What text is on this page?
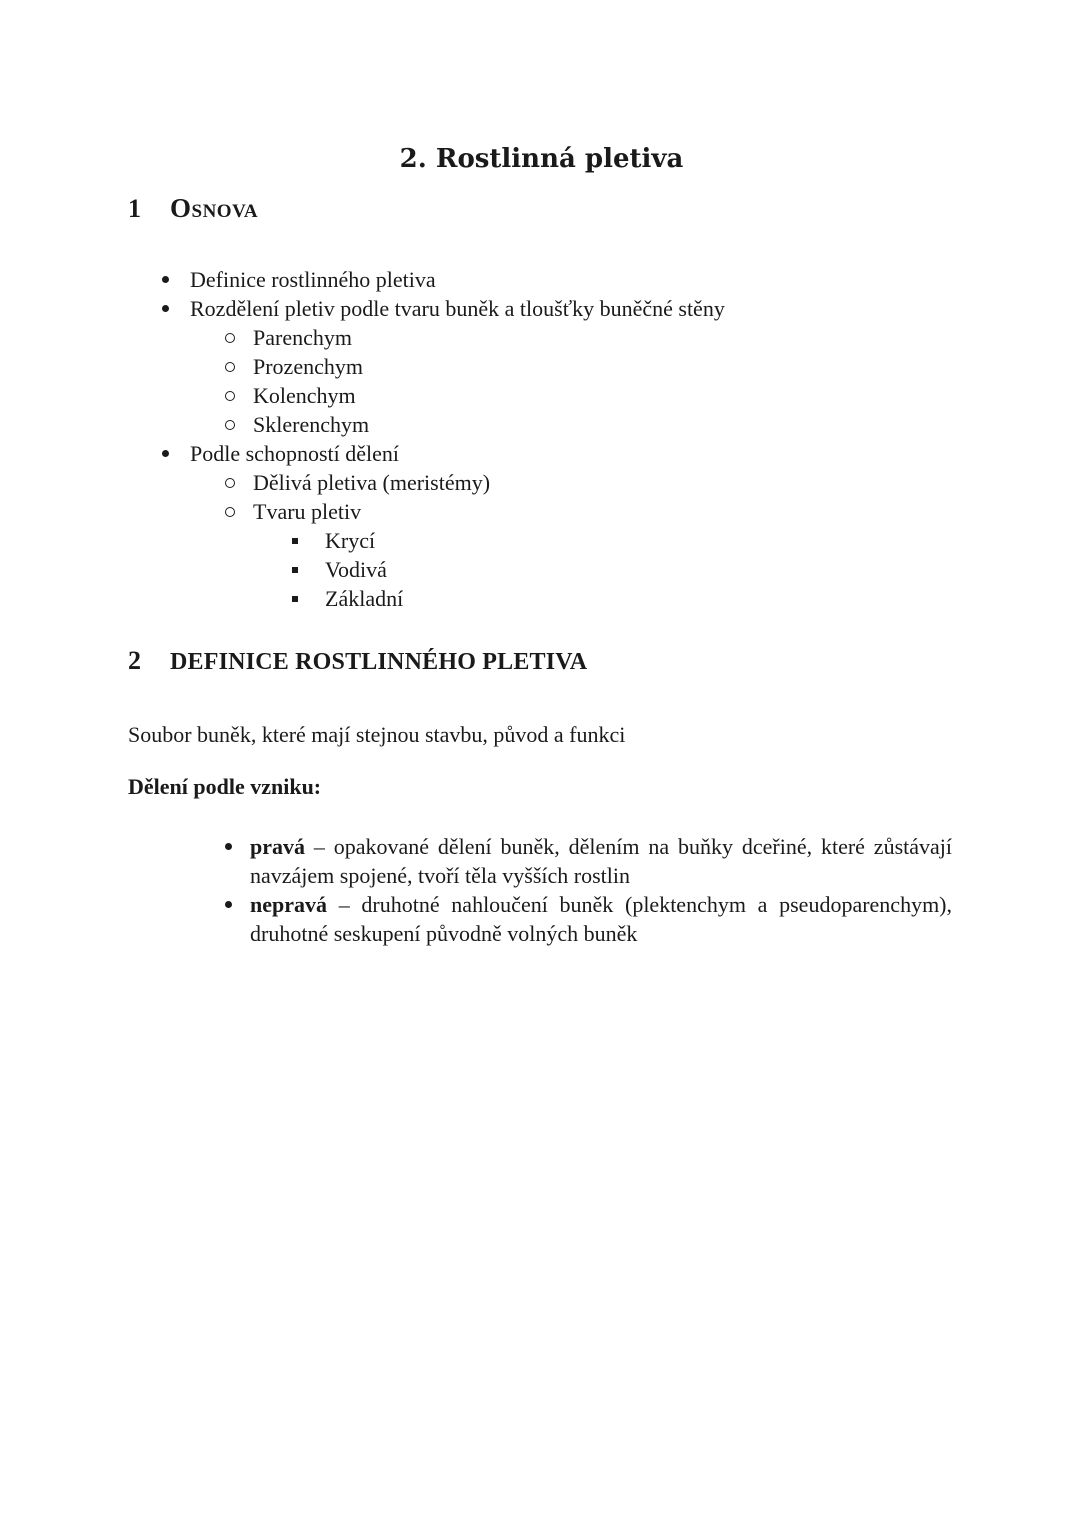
2. Rostlinná pletiva
1	Osnova
Definice rostlinného pletiva
Rozdělení pletiv podle tvaru buněk a tloušťky buněčné stěny
Parenchym
Prozenchym
Kolenchym
Sklerenchym
Podle schopností dělení
Dělivá pletiva (meristémy)
Tvaru pletiv
Krycí
Vodivá
Základní
2	DEFINICE ROSTLINNÉHO PLETIVA

Soubor buněk, které mají stejnou stavbu, původ a funkci

Dělení podle vzniku:

pravá – opakované dělení buněk, dělením na buňky dceřiné, které zůstávají navzájem spojené, tvoří těla vyšších rostlin
nepravá – druhotné nahloučení buněk (plektenchym a pseudoparenchym), druhotné seskupení původně volných buněk
